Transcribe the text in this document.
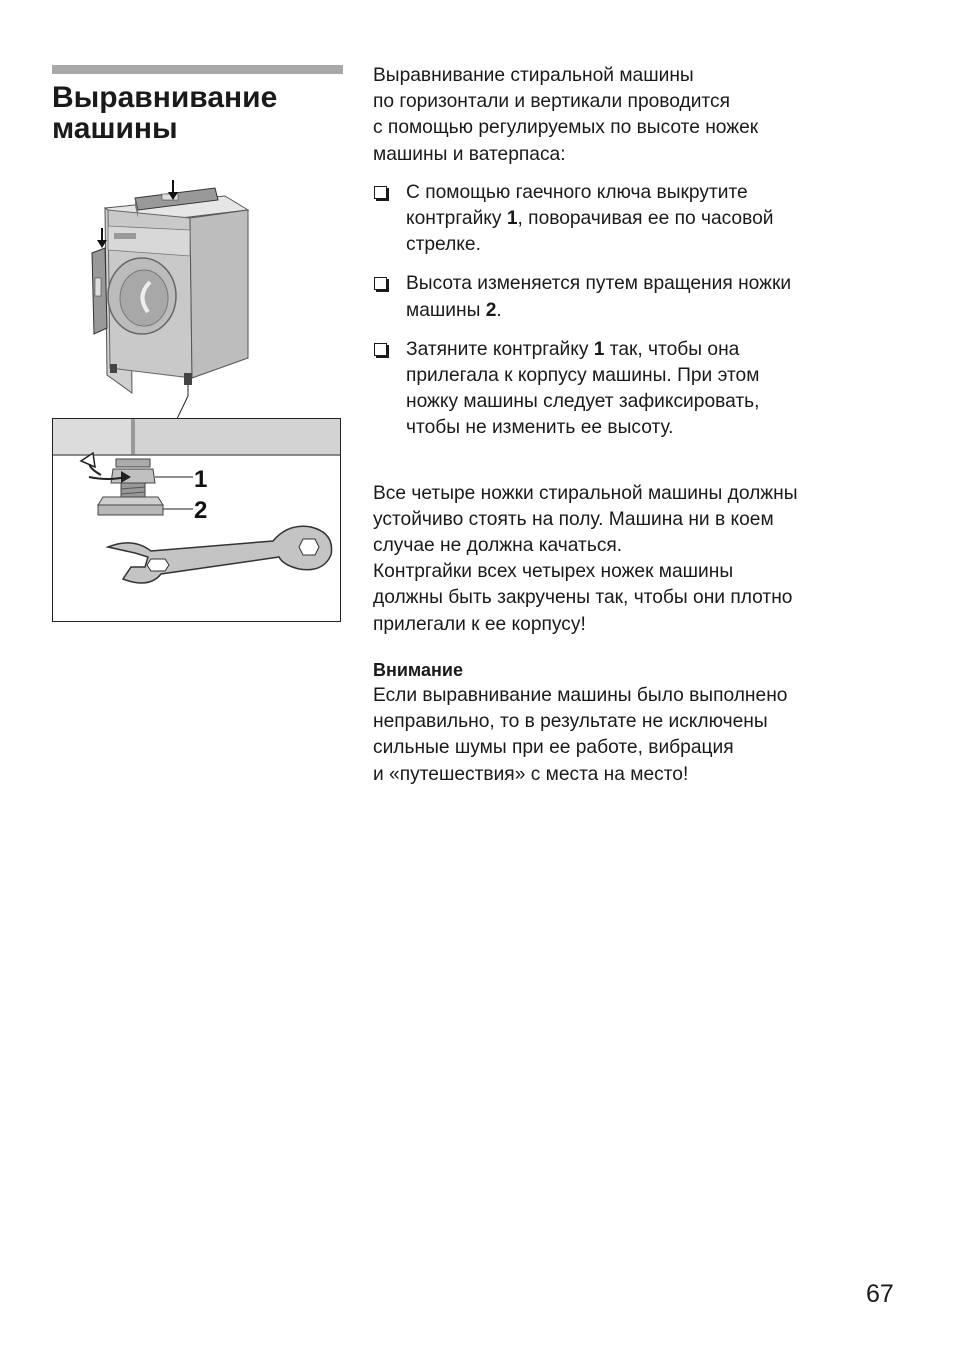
Выравнивание
машины
1
2

Выравнивание стиральной машины
по горизонтали и вертикали проводится
с помощью регулируемых по высоте ножек
машины и ватерпаса:

С помощью гаечного ключа выкрутите
контргайку 1, поворачивая ее по часовой
стрелке.
Высота изменяется путем вращения ножки
машины 2.
Затяните контргайку 1 так, чтобы она
прилегала к корпусу машины. При этом
ножку машины следует зафиксировать,
чтобы не изменить ее высоту.

Все четыре ножки стиральной машины должны
устойчиво стоять на полу. Машина ни в коем
случае не должна качаться.
Контргайки всех четырех ножек машины
должны быть закручены так, чтобы они плотно
прилегали к ее корпусу!

Внимание

Если выравнивание машины было выполнено
неправильно, то в результате не исключены
сильные шумы при ее работе, вибрация
и «путешествия» с места на место!

67
